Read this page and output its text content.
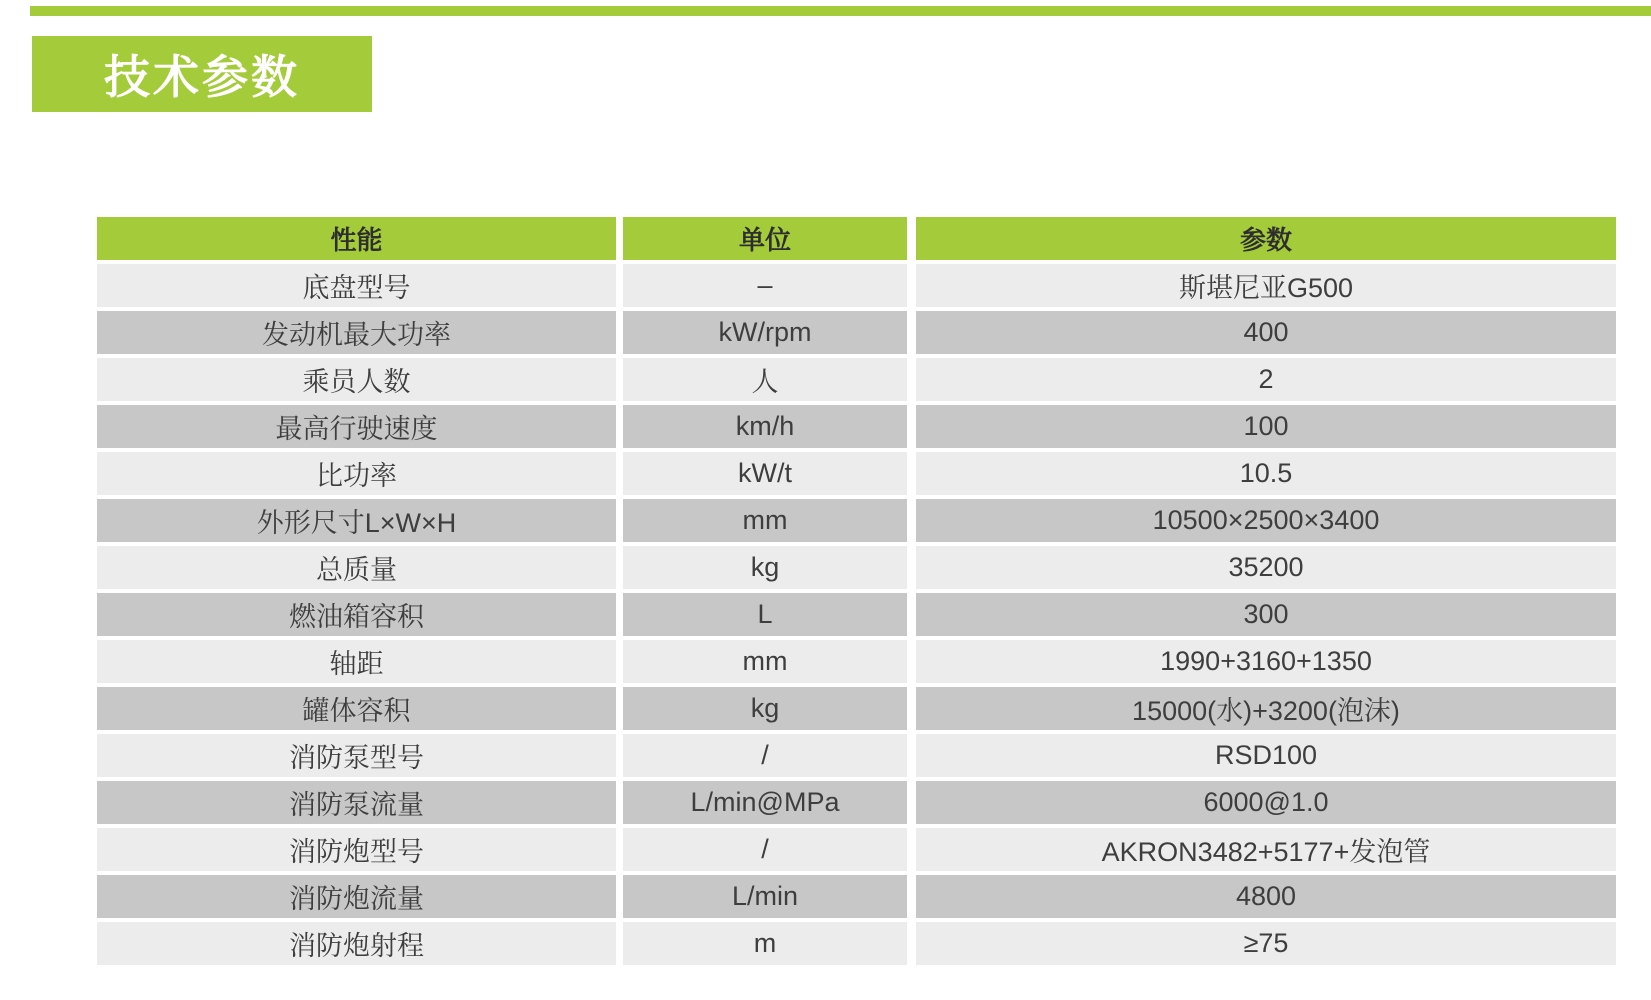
技术参数
性能	单位	参数
底盘型号	–	斯堪尼亚G500
发动机最大功率	kW/rpm	400
乘员人数	人	2
最高行驶速度	km/h	100
比功率	kW/t	10.5
外形尺寸L×W×H	mm	10500×2500×3400
总质量	kg	35200
燃油箱容积	L	300
轴距	mm	1990+3160+1350
罐体容积	kg	15000(水)+3200(泡沫)
消防泵型号	/	RSD100
消防泵流量	L/min@MPa	6000@1.0
消防炮型号	/	AKRON3482+5177+发泡管
消防炮流量	L/min	4800
消防炮射程	m	≥75
